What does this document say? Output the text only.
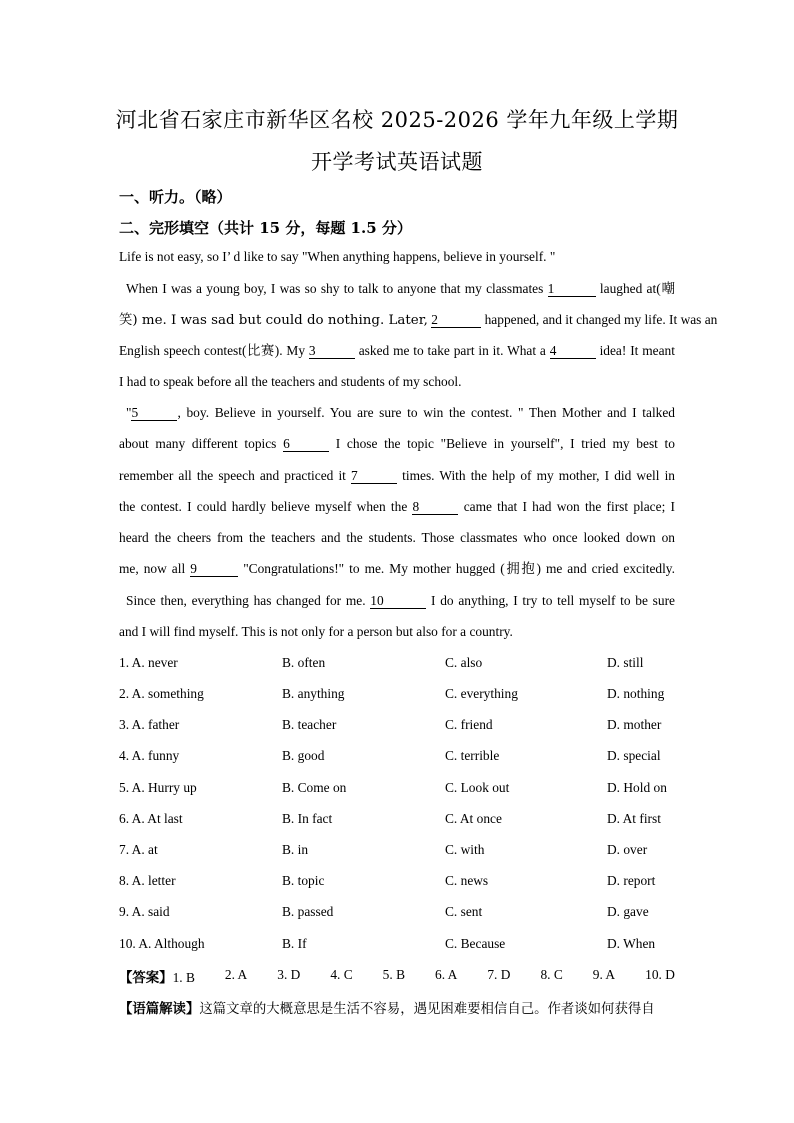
河北省石家庄市新华区名校 2025-2026 学年九年级上学期
开学考试英语试题
一、听力。（略）
二、完形填空（共计 15 分，每题 1.5 分）
Life is not easy, so I’ d like to say "When anything happens, believe in yourself. "
When I was a young boy, I was so shy to talk to anyone that my classmates 1	laughed at(嘲
笑) me. I was sad but could do nothing. Later, 2	happened, and it changed my life. It was an
English speech contest(比赛). My 3	asked me to take part in it. What a 4	idea! It meant
I had to speak before all the teachers and students of my school.
"5	, boy. Believe in yourself. You are sure to win the contest. " Then Mother and I talked
about many different topics 6	I chose the topic "Believe in yourself", I tried my best to
remember all the speech and practiced it 7	times. With the help of my mother, I did well in
the contest. I could hardly believe myself when the 8	came that I had won the first place; I
heard the cheers from the teachers and the students. Those classmates who once looked down on
me, now all 9	"Congratulations!" to me. My mother hugged (拥抱) me and cried excitedly.
Since then, everything has changed for me. 10	I do anything, I try to tell myself to be sure
and I will find myself. This is not only for a person but also for a country.
1. A. never	B. often	C. also	D. still
2. A. something	B. anything	C. everything	D. nothing
3. A. father	B. teacher	C. friend	D. mother
4. A. funny	B. good	C. terrible	D. special
5. A. Hurry up	B. Come on	C. Look out	D. Hold on
6. A. At last	B. In fact	C. At once	D. At first
7. A. at	B. in	C. with	D. over
8. A. letter	B. topic	C. news	D. report
9. A. said	B. passed	C. sent	D. gave
10. A. Although	B. If	C. Because	D. When
【答案】1. B 2. A 3. D 4. C 5. B 6. A 7. D 8. C 9. A 10. D
【语篇解读】这篇文章的大概意思是生活不容易，遇见困难要相信自己。作者谈如何获得自
